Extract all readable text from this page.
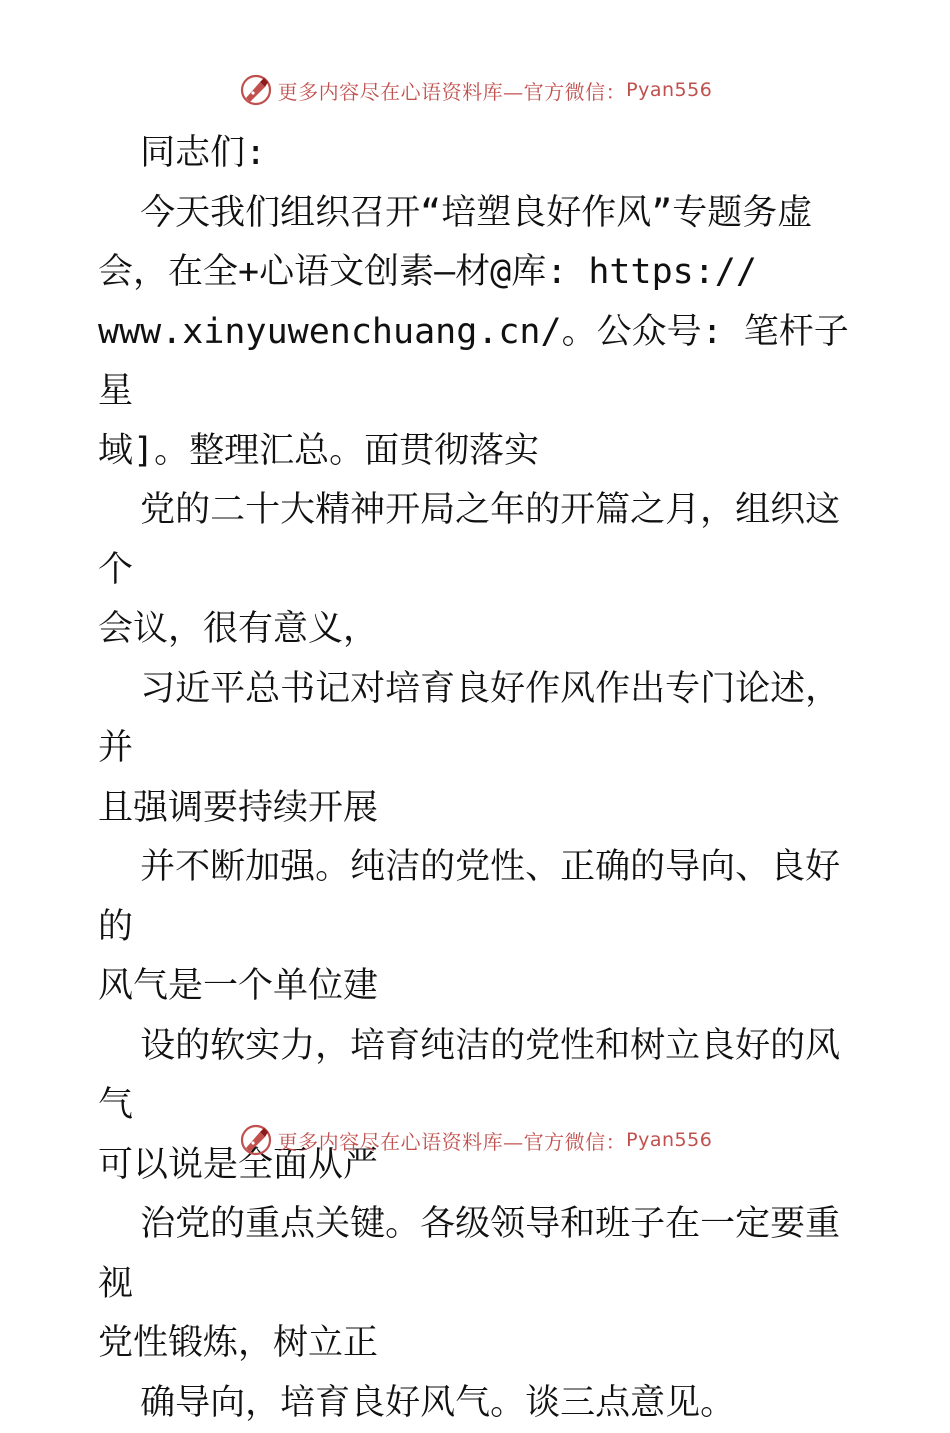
更多内容尽在心语资料库—官方微信： Pyan556

同志们:

今天我们组织召开“培塑良好作风”专题务虚

会，在全+心语文创素—材@库: https://

www.xinyuwenchuang.cn/。公众号: 笔杆子星

域]。整理汇总。面贯彻落实

党的二十大精神开局之年的开篇之月，组织这个

会议，很有意义，

习近平总书记对培育良好作风作出专门论述，并

且强调要持续开展

并不断加强。纯洁的党性、正确的导向、良好的

风气是一个单位建

设的软实力，培育纯洁的党性和树立良好的风气

可以说是全面从严

治党的重点关键。各级领导和班子在一定要重视

党性锻炼，树立正

确导向，培育良好风气。谈三点意见。

更多内容尽在心语资料库—官方微信： Pyan556
